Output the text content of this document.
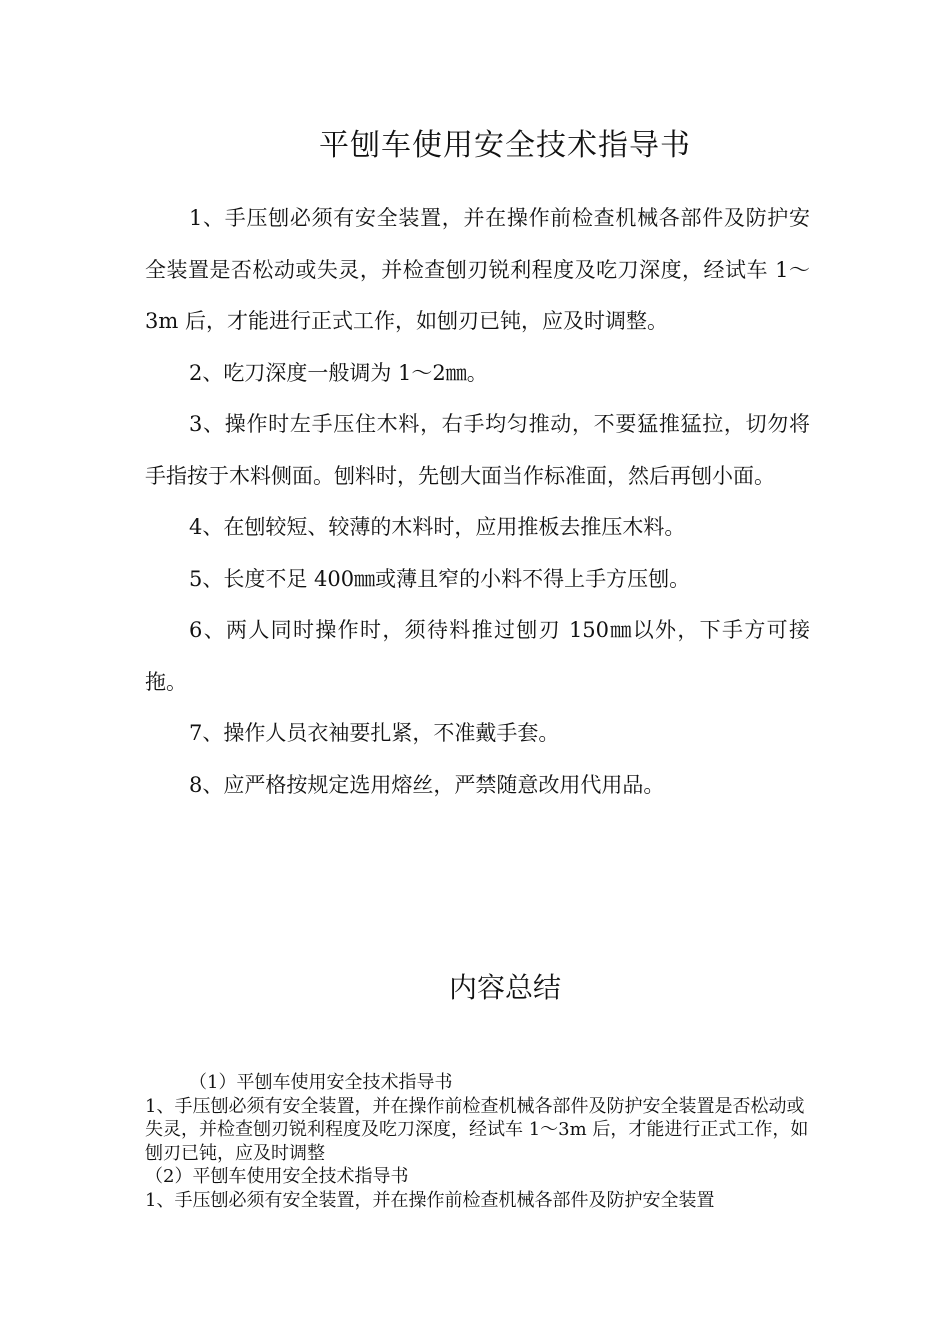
平刨车使用安全技术指导书

1、手压刨必须有安全装置，并在操作前检查机械各部件及防护安全装置是否松动或失灵，并检查刨刃锐利程度及吃刀深度，经试车 1～3m 后，才能进行正式工作，如刨刃已钝，应及时调整。

2、吃刀深度一般调为 1～2㎜。

3、操作时左手压住木料，右手均匀推动，不要猛推猛拉，切勿将手指按于木料侧面。刨料时，先刨大面当作标准面，然后再刨小面。

4、在刨较短、较薄的木料时，应用推板去推压木料。

5、长度不足 400㎜或薄且窄的小料不得上手方压刨。

6、两人同时操作时，须待料推过刨刃 150㎜以外，下手方可接拖。

7、操作人员衣袖要扎紧，不准戴手套。

8、应严格按规定选用熔丝，严禁随意改用代用品。

内容总结

（1）平刨车使用安全技术指导书

1、手压刨必须有安全装置，并在操作前检查机械各部件及防护安全装置是否松动或失灵，并检查刨刃锐利程度及吃刀深度，经试车 1～3m 后，才能进行正式工作，如刨刃已钝，应及时调整

（2）平刨车使用安全技术指导书

1、手压刨必须有安全装置，并在操作前检查机械各部件及防护安全装置
